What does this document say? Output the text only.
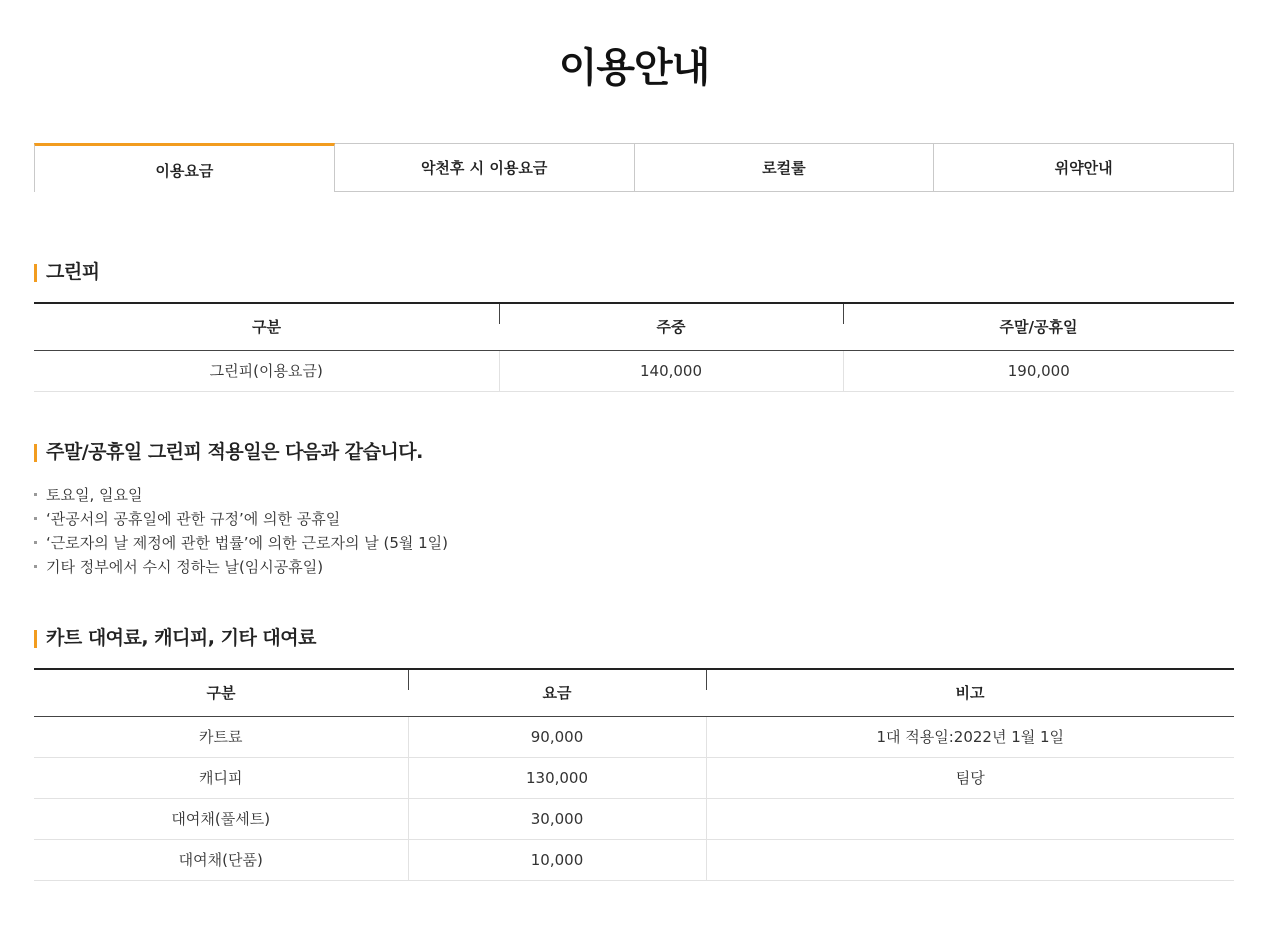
이용안내
이용요금	악천후 시 이용요금	로컬룰	위약안내
그린피
구분	주중	주말/공휴일
그린피(이용요금)	140,000	190,000
주말/공휴일 그린피 적용일은 다음과 같습니다.
토요일, 일요일
‘관공서의 공휴일에 관한 규정’에 의한 공휴일
‘근로자의 날 제정에 관한 법률’에 의한 근로자의 날 (5월 1일)
기타 정부에서 수시 정하는 날(임시공휴일)
카트 대여료, 캐디피, 기타 대여료
구분	요금	비고
카트료	90,000	1대 적용일:2022년 1월 1일
캐디피	130,000	팀당
대여채(풀세트)	30,000	
대여채(단품)	10,000	
